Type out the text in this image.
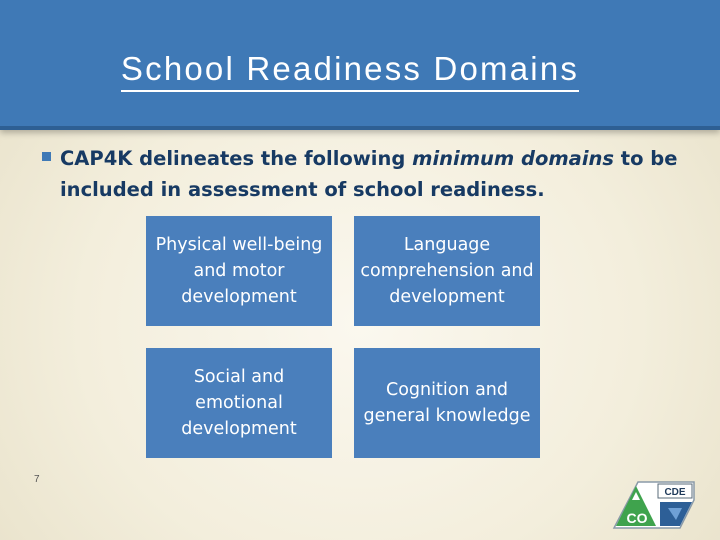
School Readiness Domains
CAP4K delineates the following minimum domains to be included in assessment of school readiness.
Physical well-being and motor development
Language comprehension and development
Social and emotional development
Cognition and general knowledge
7
CDE
CO
